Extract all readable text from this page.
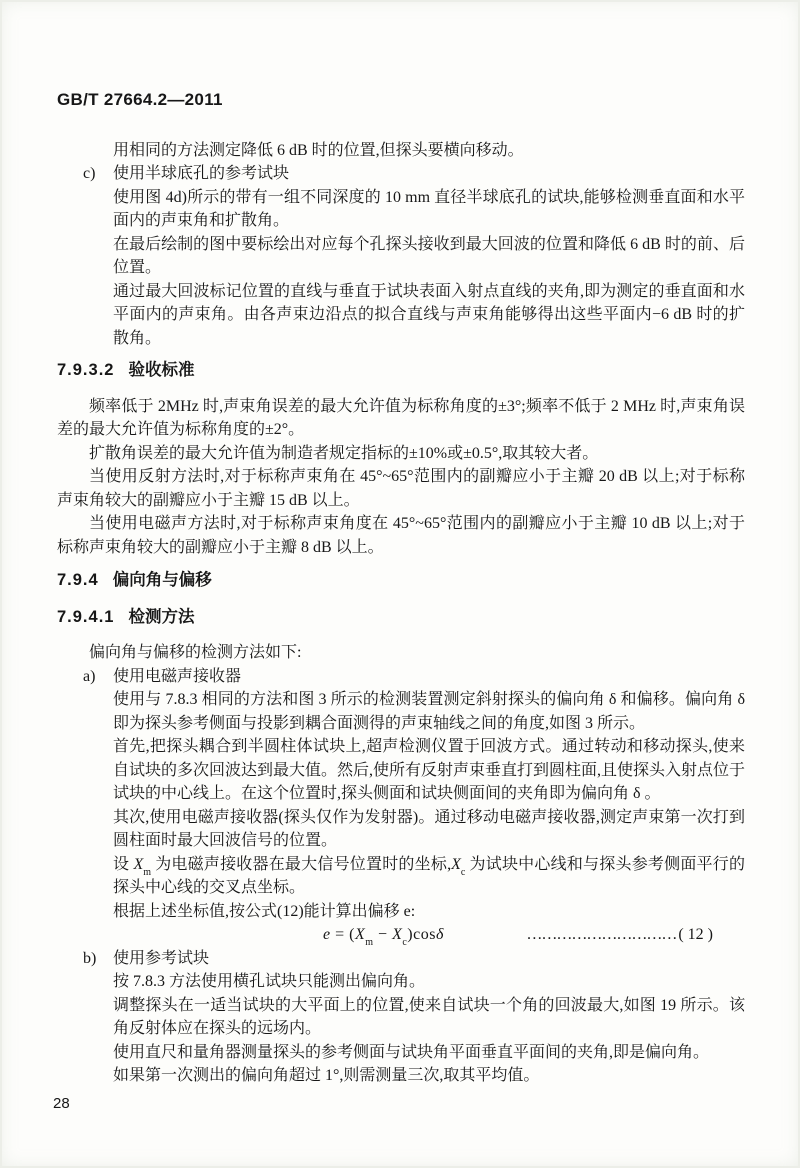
GB/T 27664.2—2011

用相同的方法测定降低 6 dB 时的位置,但探头要横向移动。

c) 使用半球底孔的参考试块

使用图 4d)所示的带有一组不同深度的 10 mm 直径半球底孔的试块,能够检测垂直面和水平面内的声束角和扩散角。

在最后绘制的图中要标绘出对应每个孔探头接收到最大回波的位置和降低 6 dB 时的前、后位置。

通过最大回波标记位置的直线与垂直于试块表面入射点直线的夹角,即为测定的垂直面和水平面内的声束角。由各声束边沿点的拟合直线与声束角能够得出这些平面内−6 dB 时的扩散角。

7.9.3.2 验收标准

频率低于 2MHz 时,声束角误差的最大允许值为标称角度的±3°;频率不低于 2 MHz 时,声束角误差的最大允许值为标称角度的±2°。

扩散角误差的最大允许值为制造者规定指标的±10%或±0.5°,取其较大者。

当使用反射方法时,对于标称声束角在 45°~65°范围内的副瓣应小于主瓣 20 dB 以上;对于标称声束角较大的副瓣应小于主瓣 15 dB 以上。

当使用电磁声方法时,对于标称声束角度在 45°~65°范围内的副瓣应小于主瓣 10 dB 以上;对于标称声束角较大的副瓣应小于主瓣 8 dB 以上。

7.9.4 偏向角与偏移
7.9.4.1 检测方法

偏向角与偏移的检测方法如下:

a) 使用电磁声接收器

使用与 7.8.3 相同的方法和图 3 所示的检测装置测定斜射探头的偏向角 δ 和偏移。偏向角 δ 即为探头参考侧面与投影到耦合面测得的声束轴线之间的角度,如图 3 所示。

首先,把探头耦合到半圆柱体试块上,超声检测仪置于回波方式。通过转动和移动探头,使来自试块的多次回波达到最大值。然后,使所有反射声束垂直打到圆柱面,且使探头入射点位于试块的中心线上。在这个位置时,探头侧面和试块侧面间的夹角即为偏向角 δ 。

其次,使用电磁声接收器(探头仅作为发射器)。通过移动电磁声接收器,测定声束第一次打到圆柱面时最大回波信号的位置。

设 $X_m$ 为电磁声接收器在最大信号位置时的坐标$,X_c$ 为试块中心线和与探头参考侧面平行的探头中心线的交叉点坐标。

根据上述坐标值,按公式(12)能计算出偏移 e:

$e = (X_m - X_c)\cos\delta$	………………………… ( 12 )
b) 使用参考试块

按 7.8.3 方法使用横孔试块只能测出偏向角。

调整探头在一适当试块的大平面上的位置,使来自试块一个角的回波最大,如图 19 所示。该角反射体应在探头的远场内。

使用直尺和量角器测量探头的参考侧面与试块角平面垂直平面间的夹角,即是偏向角。

如果第一次测出的偏向角超过 1°,则需测量三次,取其平均值。

28
